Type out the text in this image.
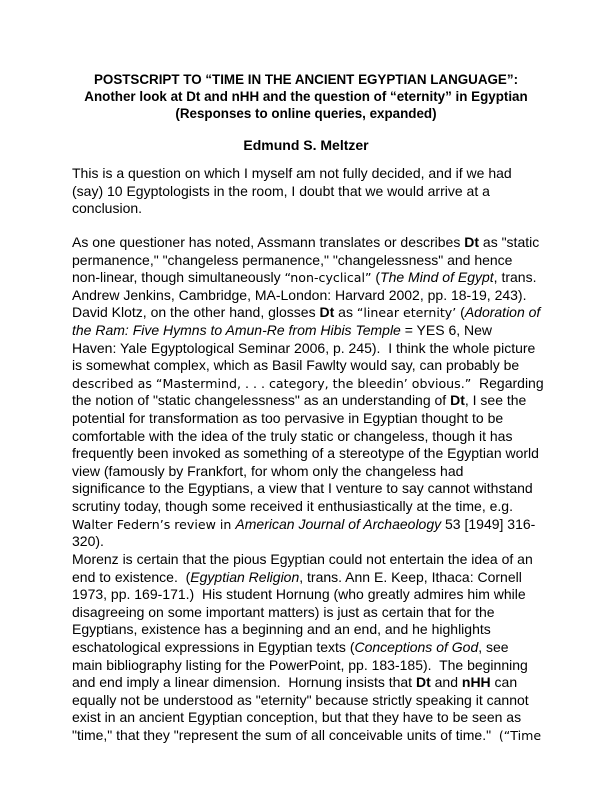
POSTSCRIPT TO “TIME IN THE ANCIENT EGYPTIAN LANGUAGE”:
Another look at Dt and nHH and the question of “eternity” in Egyptian
(Responses to online queries, expanded)
Edmund S. Meltzer
This is a question on which I myself am not fully decided, and if we had
(say) 10 Egyptologists in the room, I doubt that we would arrive at a
conclusion.
As one questioner has noted, Assmann translates or describes Dt as "static
permanence," "changeless permanence," "changelessness" and hence
non-linear, though simultaneously “non-cyclical” (The Mind of Egypt, trans.
Andrew Jenkins, Cambridge, MA-London: Harvard 2002, pp. 18-19, 243).
David Klotz, on the other hand, glosses Dt as “linear eternity’ (Adoration of
the Ram: Five Hymns to Amun-Re from Hibis Temple = YES 6, New
Haven: Yale Egyptological Seminar 2006, p. 245).  I think the whole picture
is somewhat complex, which as Basil Fawlty would say, can probably be
described as “Mastermind, . . . category, the bleedin’ obvious.”  Regarding
the notion of "static changelessness" as an understanding of Dt, I see the
potential for transformation as too pervasive in Egyptian thought to be
comfortable with the idea of the truly static or changeless, though it has
frequently been invoked as something of a stereotype of the Egyptian world
view (famously by Frankfort, for whom only the changeless had
significance to the Egyptians, a view that I venture to say cannot withstand
scrutiny today, though some received it enthusiastically at the time, e.g.
Walter Federn’s review in American Journal of Archaeology 53 [1949] 316-
320).
Morenz is certain that the pious Egyptian could not entertain the idea of an
end to existence.  (Egyptian Religion, trans. Ann E. Keep, Ithaca: Cornell
1973, pp. 169-171.)  His student Hornung (who greatly admires him while
disagreeing on some important matters) is just as certain that for the
Egyptians, existence has a beginning and an end, and he highlights
eschatological expressions in Egyptian texts (Conceptions of God, see
main bibliography listing for the PowerPoint, pp. 183-185).  The beginning
and end imply a linear dimension.  Hornung insists that Dt and nHH can
equally not be understood as "eternity" because strictly speaking it cannot
exist in an ancient Egyptian conception, but that they have to be seen as
"time," that they "represent the sum of all conceivable units of time."  (“Time
